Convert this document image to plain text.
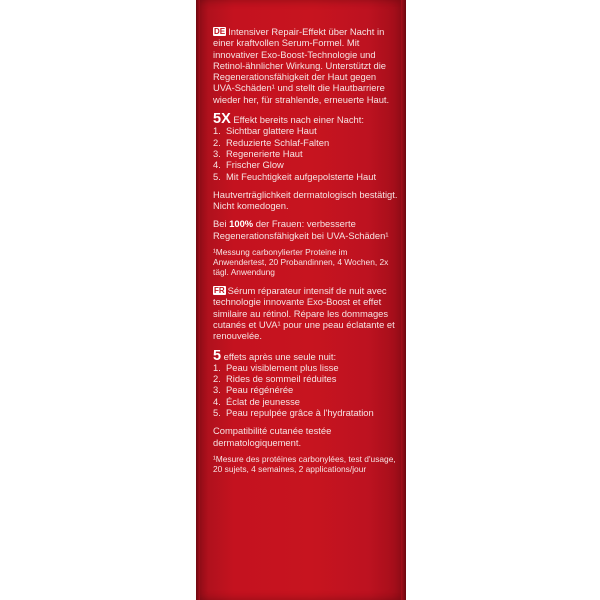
DE Intensiver Repair-Effekt über Nacht in einer kraftvollen Serum-Formel. Mit innovativer Exo-Boost-Technologie und Retinol-ähnlicher Wirkung. Unterstützt die Regenerationsfähigkeit der Haut gegen UVA-Schäden¹ und stellt die Hautbarriere wieder her, für strahlende, erneuerte Haut.

5X Effekt bereits nach einer Nacht:

1. Sichtbar glattere Haut
2. Reduzierte Schlaf-Falten
3. Regenerierte Haut
4. Frischer Glow
5. Mit Feuchtigkeit aufgepolsterte Haut

Hautverträglichkeit dermatologisch bestätigt. Nicht komedogen.

Bei 100% der Frauen: verbesserte Regenerationsfähigkeit bei UVA-Schäden¹

¹Messung carbonylierter Proteine im Anwendertest, 20 Probandinnen, 4 Wochen, 2x tägl. Anwendung

FR Sérum réparateur intensif de nuit avec technologie innovante Exo-Boost et effet similaire au rétinol. Répare les dommages cutanés et UVA¹ pour une peau éclatante et renouvelée.

5 effets après une seule nuit:

1. Peau visiblement plus lisse
2. Rides de sommeil réduites
3. Peau régénérée
4. Éclat de jeunesse
5. Peau repulpée grâce à l'hydratation

Compatibilité cutanée testée dermatologiquement.

¹Mesure des protéines carbonylées, test d'usage, 20 sujets, 4 semaines, 2 applications/jour
